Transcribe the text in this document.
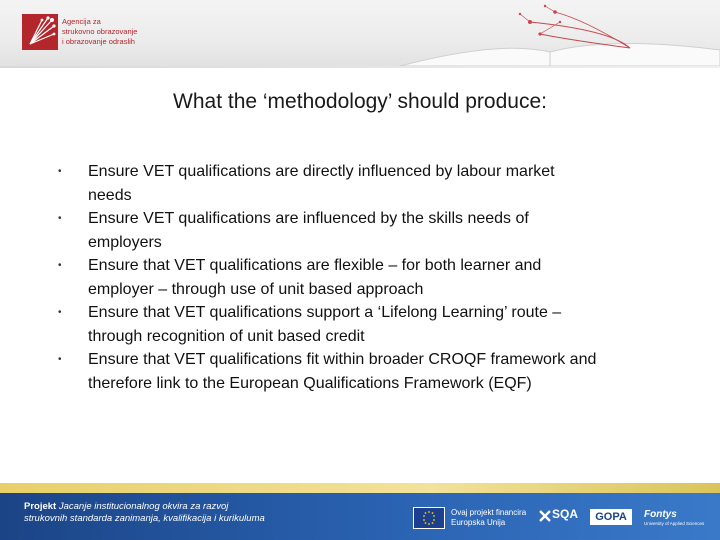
Agencija za
strukovno obrazovanje
i obrazovanje odraslih
What the ‘methodology’ should produce:
• Ensure VET qualifications are directly influenced by labour market
needs
• Ensure VET qualifications are influenced by the skills needs of
employers
• Ensure that VET qualifications are flexible – for both learner and
employer – through use of unit based approach
• Ensure that VET qualifications support a ‘Lifelong Learning’ route –
through recognition of unit based credit
• Ensure that VET qualifications fit within broader CROQF framework and
therefore link to the European Qualifications Framework (EQF)
Projekt Jacanje institucionalnog okvira za razvoj
strukovnih standarda zanimanja, kvalifikacija i kurikuluma
Ovaj projekt financira
Europska Unija
SQA	GOPA	Fontys
University of Applied Sciences
